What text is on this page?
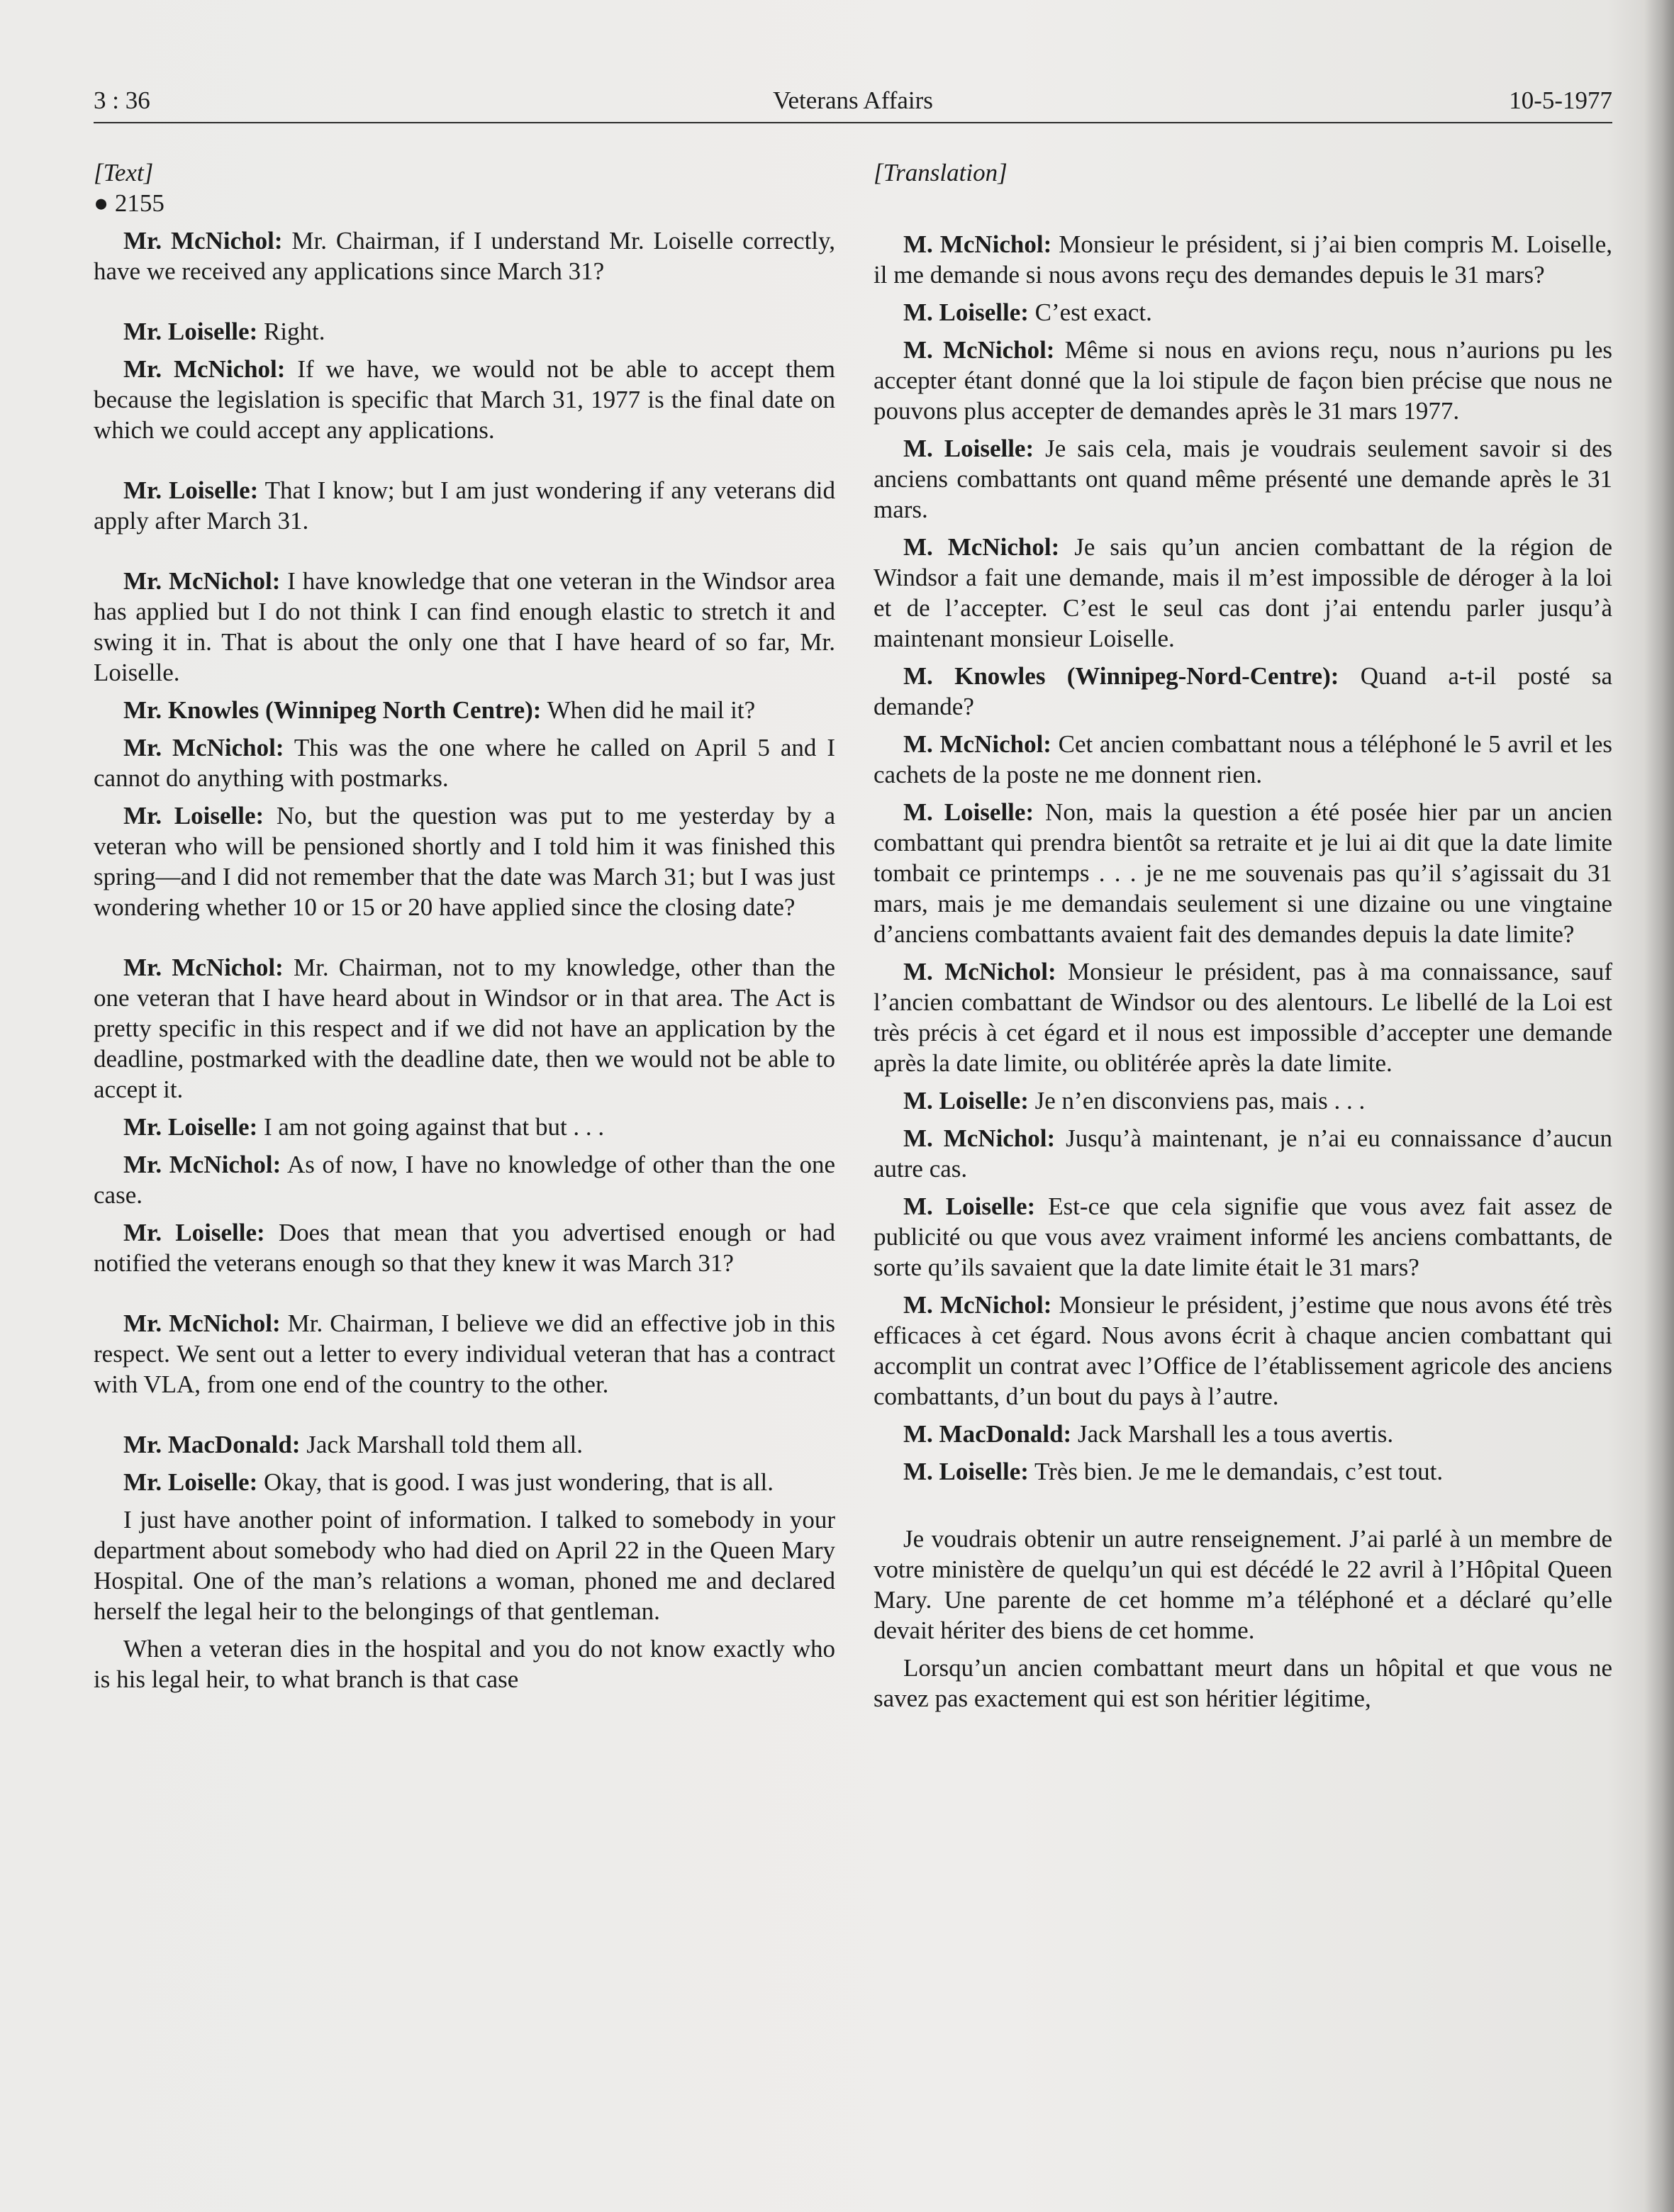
3 : 36	Veterans Affairs	10-5-1977

[Text]

● 2155

Mr. McNichol: Mr. Chairman, if I understand Mr. Loiselle correctly, have we received any applications since March 31?

Mr. Loiselle: Right.

Mr. McNichol: If we have, we would not be able to accept them because the legislation is specific that March 31, 1977 is the final date on which we could accept any applications.

Mr. Loiselle: That I know; but I am just wondering if any veterans did apply after March 31.

Mr. McNichol: I have knowledge that one veteran in the Windsor area has applied but I do not think I can find enough elastic to stretch it and swing it in. That is about the only one that I have heard of so far, Mr. Loiselle.

Mr. Knowles (Winnipeg North Centre): When did he mail it?

Mr. McNichol: This was the one where he called on April 5 and I cannot do anything with postmarks.

Mr. Loiselle: No, but the question was put to me yesterday by a veteran who will be pensioned shortly and I told him it was finished this spring—and I did not remember that the date was March 31; but I was just wondering whether 10 or 15 or 20 have applied since the closing date?

Mr. McNichol: Mr. Chairman, not to my knowledge, other than the one veteran that I have heard about in Windsor or in that area. The Act is pretty specific in this respect and if we did not have an application by the deadline, postmarked with the deadline date, then we would not be able to accept it.

Mr. Loiselle: I am not going against that but . . .

Mr. McNichol: As of now, I have no knowledge of other than the one case.

Mr. Loiselle: Does that mean that you advertised enough or had notified the veterans enough so that they knew it was March 31?

Mr. McNichol: Mr. Chairman, I believe we did an effective job in this respect. We sent out a letter to every individual veteran that has a contract with VLA, from one end of the country to the other.

Mr. MacDonald: Jack Marshall told them all.

Mr. Loiselle: Okay, that is good. I was just wondering, that is all.

I just have another point of information. I talked to somebody in your department about somebody who had died on April 22 in the Queen Mary Hospital. One of the man’s relations a woman, phoned me and declared herself the legal heir to the belongings of that gentleman.

When a veteran dies in the hospital and you do not know exactly who is his legal heir, to what branch is that case

[Translation]

M. McNichol: Monsieur le président, si j’ai bien compris M. Loiselle, il me demande si nous avons reçu des demandes depuis le 31 mars?

M. Loiselle: C’est exact.

M. McNichol: Même si nous en avions reçu, nous n’aurions pu les accepter étant donné que la loi stipule de façon bien précise que nous ne pouvons plus accepter de demandes après le 31 mars 1977.

M. Loiselle: Je sais cela, mais je voudrais seulement savoir si des anciens combattants ont quand même présenté une demande après le 31 mars.

M. McNichol: Je sais qu’un ancien combattant de la région de Windsor a fait une demande, mais il m’est impossible de déroger à la loi et de l’accepter. C’est le seul cas dont j’ai entendu parler jusqu’à maintenant monsieur Loiselle.

M. Knowles (Winnipeg-Nord-Centre): Quand a-t-il posté sa demande?

M. McNichol: Cet ancien combattant nous a téléphoné le 5 avril et les cachets de la poste ne me donnent rien.

M. Loiselle: Non, mais la question a été posée hier par un ancien combattant qui prendra bientôt sa retraite et je lui ai dit que la date limite tombait ce printemps . . . je ne me souvenais pas qu’il s’agissait du 31 mars, mais je me demandais seulement si une dizaine ou une vingtaine d’anciens combattants avaient fait des demandes depuis la date limite?

M. McNichol: Monsieur le président, pas à ma connaissance, sauf l’ancien combattant de Windsor ou des alentours. Le libellé de la Loi est très précis à cet égard et il nous est impossible d’accepter une demande après la date limite, ou oblitérée après la date limite.

M. Loiselle: Je n’en disconviens pas, mais . . .

M. McNichol: Jusqu’à maintenant, je n’ai eu connaissance d’aucun autre cas.

M. Loiselle: Est-ce que cela signifie que vous avez fait assez de publicité ou que vous avez vraiment informé les anciens combattants, de sorte qu’ils savaient que la date limite était le 31 mars?

M. McNichol: Monsieur le président, j’estime que nous avons été très efficaces à cet égard. Nous avons écrit à chaque ancien combattant qui accomplit un contrat avec l’Office de l’établissement agricole des anciens combattants, d’un bout du pays à l’autre.

M. MacDonald: Jack Marshall les a tous avertis.

M. Loiselle: Très bien. Je me le demandais, c’est tout.

Je voudrais obtenir un autre renseignement. J’ai parlé à un membre de votre ministère de quelqu’un qui est décédé le 22 avril à l’Hôpital Queen Mary. Une parente de cet homme m’a téléphoné et a déclaré qu’elle devait hériter des biens de cet homme.

Lorsqu’un ancien combattant meurt dans un hôpital et que vous ne savez pas exactement qui est son héritier légitime,
